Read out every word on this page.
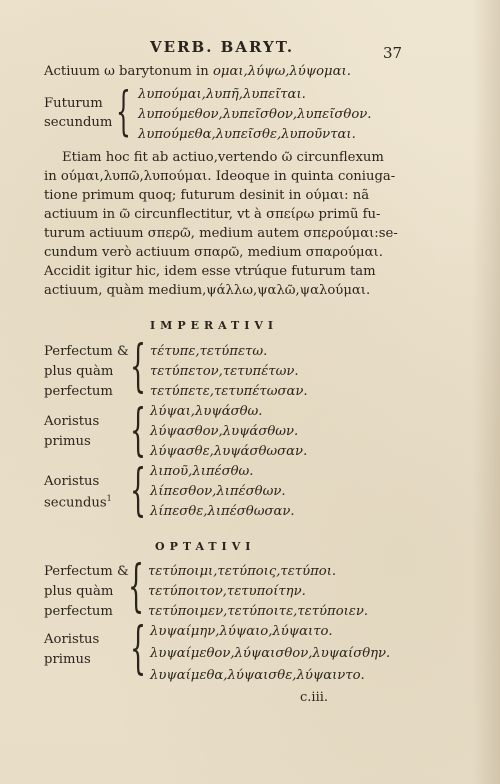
VERB. BARYT.	37
Actiuum ω barytonum in ομαι,λύψω,λύψομαι.
Futurum
secundum { λυπούμαι,λυπῆ,λυπεῖται.
λυπούμεθον,λυπεῖσθον,λυπεῖσθον.
λυπούμεθα,λυπεῖσθε,λυποῦνται.
Etiam hoc fit ab actiuo,vertendo ῶ circunflexum
in ούμαι,λυπῶ,λυπούμαι. Ideoque in quinta coniuga-
tione primum quoq; futurum desinit in ούμαι: nã
actiuum in ῶ circunflectitur, vt à σπείρω primũ fu-
turum actiuum σπερῶ, medium autem σπερούμαι:se-
cundum verò actiuum σπαρῶ, medium σπαρούμαι.
Accidit igitur hic, idem esse vtrúque futurum tam
actiuum, quàm medium,ψάλλω,ψαλῶ,ψαλούμαι.
IMPERATIVI
Perfectum &
plus quàm
perfectum { τέτυπε,τετύπετω.
τετύπετον,τετυπέτων.
τετύπετε,τετυπέτωσαν.
Aoristus
primus { λύψαι,λυψάσθω.
λύψασθον,λυψάσθων.
λύψασθε,λυψάσθωσαν.
Aoristus
secundus$^1$ { λιποῦ,λιπέσθω.
λίπεσθον,λιπέσθων.
λίπεσθε,λιπέσθωσαν.
OPTATIVI
Perfectum &
plus quàm
perfectum { τετύποιμι,τετύποις,τετύποι.
τετύποιτον,τετυποίτην.
τετύποιμεν,τετύποιτε,τετύποιεν.
Aoristus
primus { λυψαίμην,λύψαιο,λύψαιτο.
λυψαίμεθον,λύψαισθον,λυψαίσθην.
λυψαίμεθα,λύψαισθε,λύψαιντο.
c.iii.
